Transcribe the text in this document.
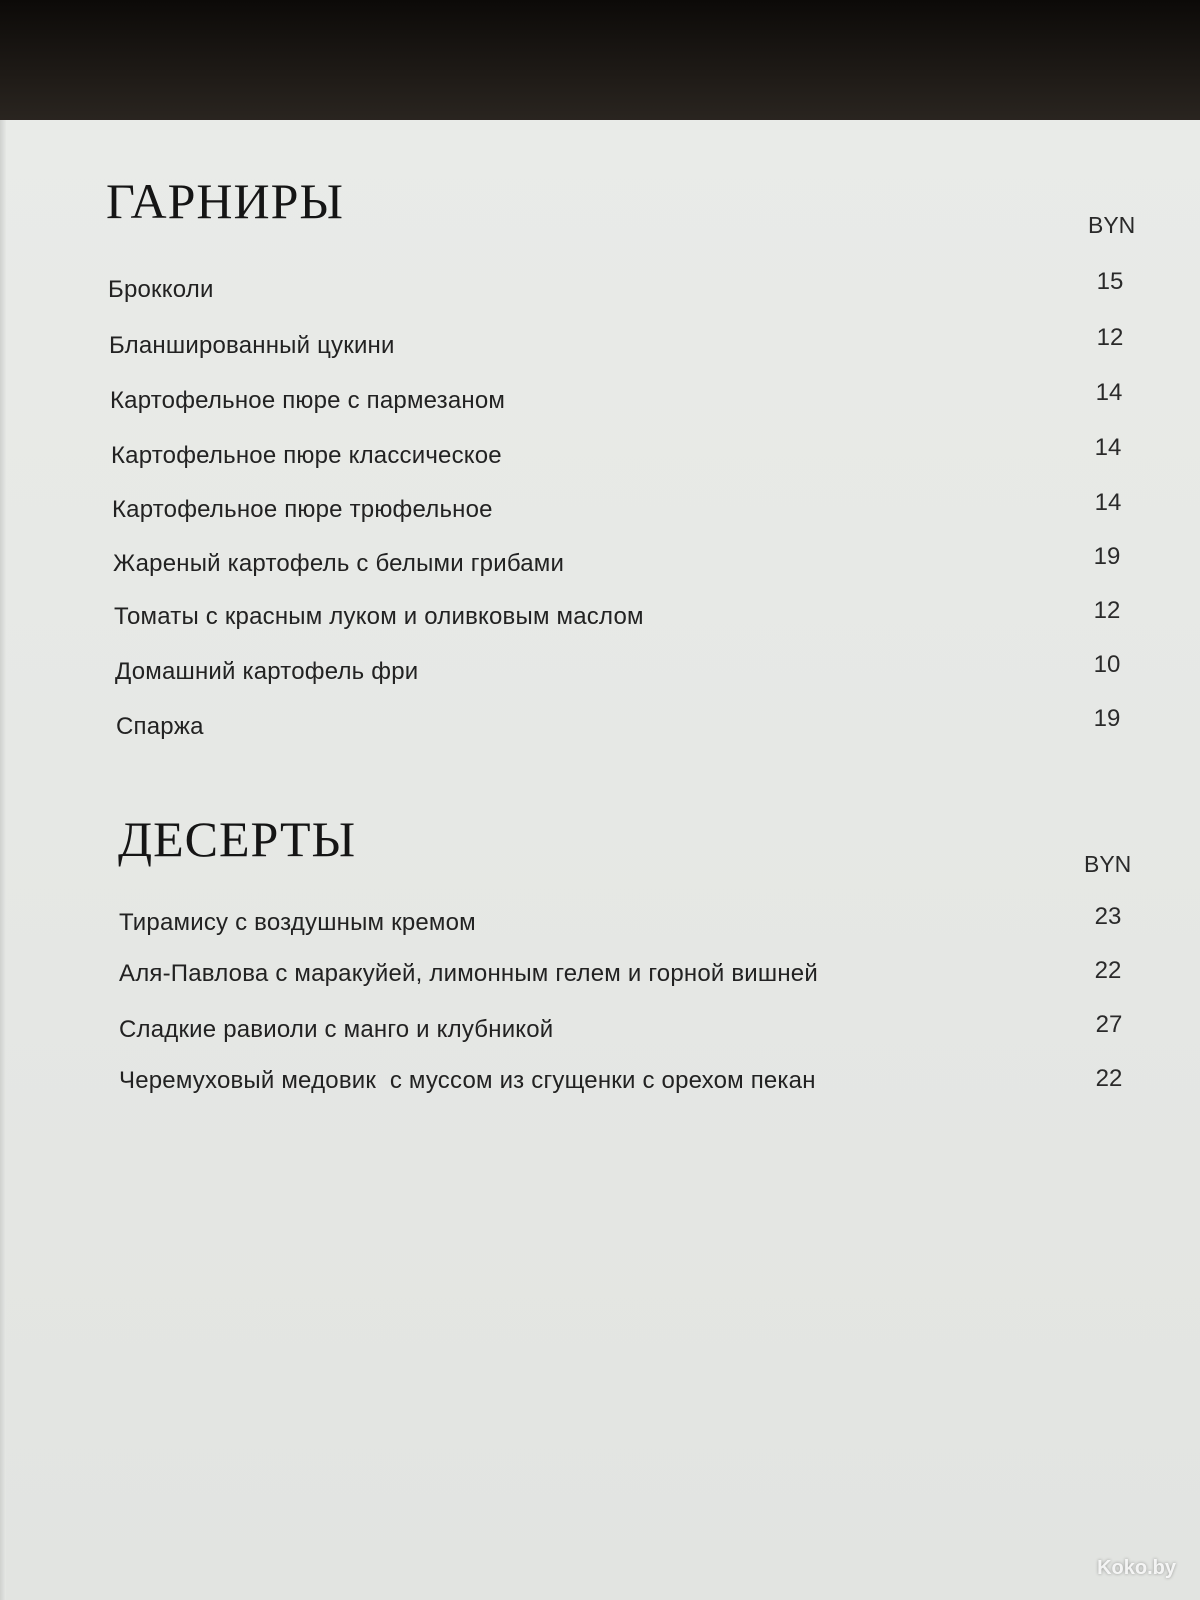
ГАРНИРЫ	BYN
Брокколи	15
Бланшированный цукини	12
Картофельное пюре с пармезаном	14
Картофельное пюре классическое	14
Картофельное пюре трюфельное	14
Жареный картофель с белыми грибами	19
Томаты с красным луком и оливковым маслом	12
Домашний картофель фри	10
Спаржа	19
ДЕСЕРТЫ	BYN
Тирамису с воздушным кремом	23
Аля-Павлова с маракуйей, лимонным гелем и горной вишней	22
Сладкие равиоли с манго и клубникой	27
Черемуховый медовик  с муссом из сгущенки с орехом пекан	22
Koko.by
